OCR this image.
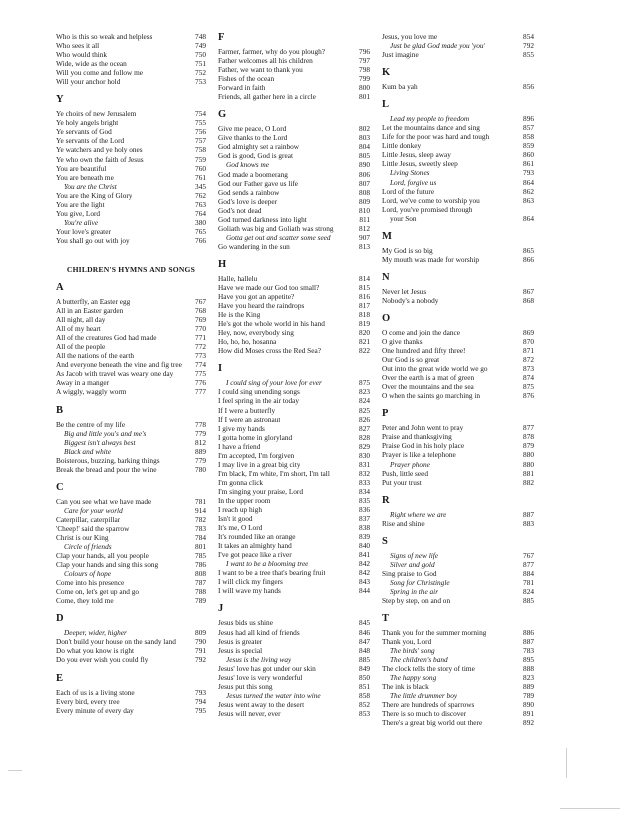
Who is this so weak and helpless	748
Who sees it all	749
Who would think	750
Wide, wide as the ocean	751
Will you come and follow me	752
Will your anchor hold	753
Y
Ye choirs of new Jerusalem	754
Ye holy angels bright	755
Ye servants of God	756
Ye servants of the Lord	757
Ye watchers and ye holy ones	758
Ye who own the faith of Jesus	759
You are beautiful	760
You are beneath me	761
You are the Christ	345
You are the King of Glory	762
You are the light	763
You give, Lord	764
You're alive	380
Your love's greater	765
You shall go out with joy	766
CHILDREN'S HYMNS AND SONGS
A
A butterfly, an Easter egg	767
All in an Easter garden	768
All night, all day	769
All of my heart	770
All of the creatures God had made	771
All of the people	772
All the nations of the earth	773
And everyone beneath the vine and fig tree	774
As Jacob with travel was weary one day	775
Away in a manger	776
A wiggly, waggly worm	777
B
Be the centre of my life	778
Big and little you's and me's	779
Biggest isn't always best	812
Black and white	889
Boisterous, buzzing, barking things	779
Break the bread and pour the wine	780
C
Can you see what we have made	781
Care for your world	914
Caterpillar, caterpillar	782
'Cheep!' said the sparrow	783
Christ is our King	784
Circle of friends	801
Clap your hands, all you people	785
Clap your hands and sing this song	786
Colours of hope	808
Come into his presence	787
Come on, let's get up and go	788
Come, they told me	789
D
Deeper, wider, higher	809
Don't build your house on the sandy land	790
Do what you know is right	791
Do you ever wish you could fly	792
E
Each of us is a living stone	793
Every bird, every tree	794
Every minute of every day	795
F
Farmer, farmer, why do you plough?	796
Father welcomes all his children	797
Father, we want to thank you	798
Fishes of the ocean	799
Forward in faith	800
Friends, all gather here in a circle	801
G
Give me peace, O Lord	802
Give thanks to the Lord	803
God almighty set a rainbow	804
God is good, God is great	805
God knows me	890
God made a boomerang	806
God our Father gave us life	807
God sends a rainbow	808
God's love is deeper	809
God's not dead	810
God turned darkness into light	811
Goliath was big and Goliath was strong	812
Gotta get out and scatter some seed	907
Go wandering in the sun	813
H
Halle, hallelu	814
Have we made our God too small?	815
Have you got an appetite?	816
Have you heard the raindrops	817
He is the King	818
He's got the whole world in his hand	819
Hey, now, everybody sing	820
Ho, ho, ho, hosanna	821
How did Moses cross the Red Sea?	822
I
I could sing of your love for ever	875
I could sing unending songs	823
I feel spring in the air today	824
If I were a butterfly	825
If I were an astronaut	826
I give my hands	827
I gotta home in gloryland	828
I have a friend	829
I'm accepted, I'm forgiven	830
I may live in a great big city	831
I'm black, I'm white, I'm short, I'm tall	832
I'm gonna click	833
I'm singing your praise, Lord	834
In the upper room	835
I reach up high	836
Isn't it good	837
It's me, O Lord	838
It's rounded like an orange	839
It takes an almighty hand	840
I've got peace like a river	841
I want to be a blooming tree	842
I want to be a tree that's bearing fruit	842
I will click my fingers	843
I will wave my hands	844
J
Jesus bids us shine	845
Jesus had all kind of friends	846
Jesus is greater	847
Jesus is special	848
Jesus is the living way	885
Jesus' love has got under our skin	849
Jesus' love is very wonderful	850
Jesus put this song	851
Jesus turned the water into wine	858
Jesus went away to the desert	852
Jesus will never, ever	853
Jesus, you love me	854
Just be glad God made you 'you'	792
Just imagine	855
K
Kum ba yah	856
L
Lead my people to freedom	896
Let the mountains dance and sing	857
Life for the poor was hard and tough	858
Little donkey	859
Little Jesus, sleep away	860
Little Jesus, sweetly sleep	861
Living Stones	793
Lord, forgive us	864
Lord of the future	862
Lord, we've come to worship you	863
Lord, you've promised through
your Son	864
M
My God is so big	865
My mouth was made for worship	866
N
Never let Jesus	867
Nobody's a nobody	868
O
O come and join the dance	869
O give thanks	870
One hundred and fifty three!	871
Our God is so great	872
Out into the great wide world we go	873
Over the earth is a mat of green	874
Over the mountains and the sea	875
O when the saints go marching in	876
P
Peter and John went to pray	877
Praise and thanksgiving	878
Praise God in his holy place	879
Prayer is like a telephone	880
Prayer phone	880
Push, little seed	881
Put your trust	882
R
Right where we are	887
Rise and shine	883
S
Signs of new life	767
Silver and gold	877
Sing praise to God	884
Song for Christingle	781
Spring in the air	824
Step by step, on and on	885
T
Thank you for the summer morning	886
Thank you, Lord	887
The birds' song	783
The children's band	895
The clock tells the story of time	888
The happy song	823
The ink is black	889
The little drummer boy	789
There are hundreds of sparrows	890
There is so much to discover	891
There's a great big world out there	892
